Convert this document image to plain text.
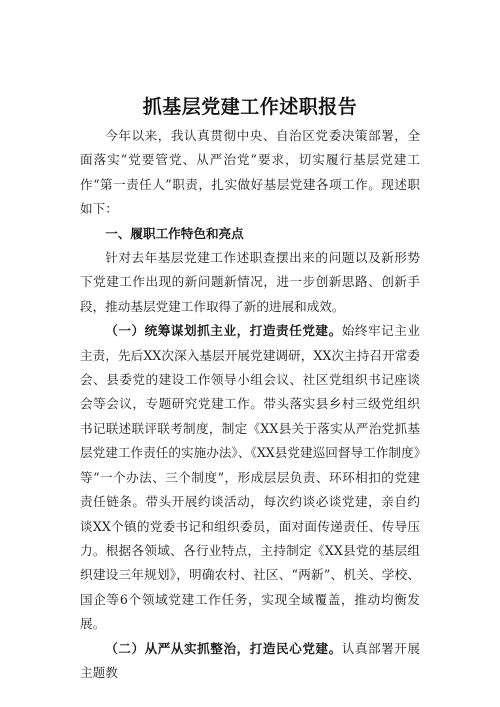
抓基层党建工作述职报告

今年以来，我认真贯彻中央、自治区党委决策部署，全面落实“党要管党、从严治党”要求，切实履行基层党建工作“第一责任人”职责，扎实做好基层党建各项工作。现述职如下：

一、履职工作特色和亮点

针对去年基层党建工作述职查摆出来的问题以及新形势下党建工作出现的新问题新情况，进一步创新思路、创新手段，推动基层党建工作取得了新的进展和成效。

（一）统筹谋划抓主业，打造责任党建。始终牢记主业主责，先后XX次深入基层开展党建调研，XX次主持召开常委会、县委党的建设工作领导小组会议、社区党组织书记座谈会等会议，专题研究党建工作。带头落实县乡村三级党组织书记联述联评联考制度，制定《XX县关于落实从严治党抓基层党建工作责任的实施办法》、《XX县党建巡回督导工作制度》等“一个办法、三个制度”，形成层层负责、环环相扣的党建责任链条。带头开展约谈活动，每次约谈必谈党建，亲自约谈XX个镇的党委书记和组织委员，面对面传递责任、传导压力。根据各领域、各行业特点，主持制定《XX县党的基层组织建设三年规划》，明确农村、社区、“两新”、机关、学校、国企等6个领域党建工作任务，实现全域覆盖，推动均衡发展。

（二）从严从实抓整治，打造民心党建。认真部署开展主题教
